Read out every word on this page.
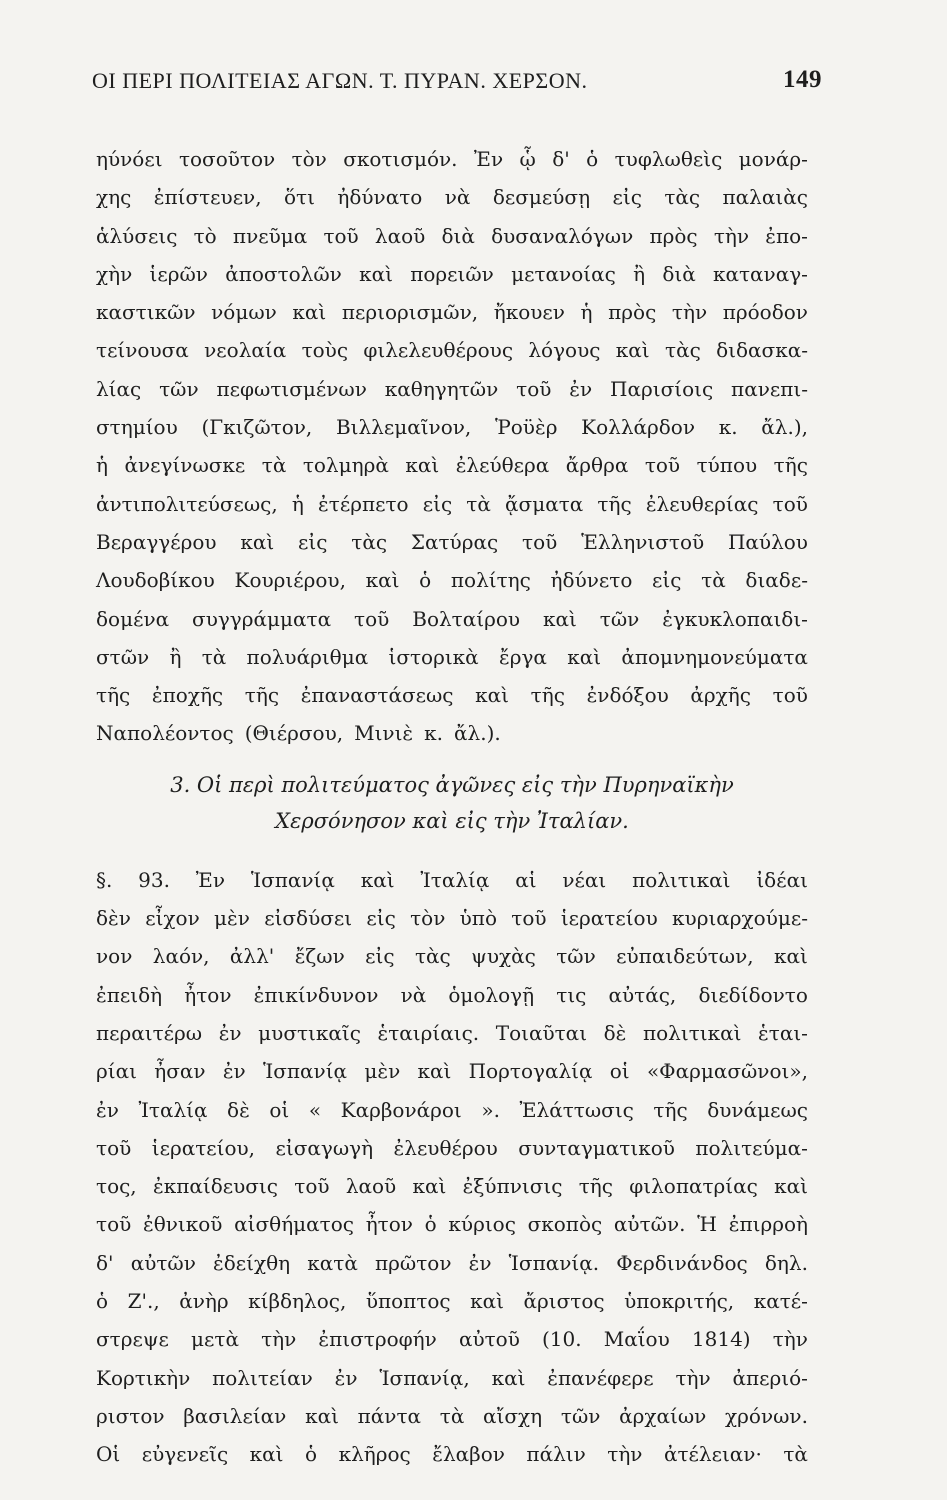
ΟΙ ΠΕΡΙ ΠΟΛΙΤΕΙΑΣ ΑΓΩΝ. Τ. ΠΥΡΑΝ. ΧΕΡΣΟΝ.	149
ηύνόει τοσοῦτον τὸν σκοτισμόν. Ἐν ᾧ δ' ὁ τυφλωθεὶς μονάρ-
χης ἐπίστευεν, ὅτι ἠδύνατο νὰ δεσμεύσῃ εἰς τὰς παλαιὰς
ἁλύσεις τὸ πνεῦμα τοῦ λαοῦ διὰ δυσαναλόγων πρὸς τὴν ἐπο-
χὴν ἱερῶν ἀποστολῶν καὶ πορειῶν μετανοίας ἢ διὰ καταναγ-
καστικῶν νόμων καὶ περιορισμῶν, ἤκουεν ἡ πρὸς τὴν πρόοδον
τείνουσα νεολαία τοὺς φιλελευθέρους λόγους καὶ τὰς διδασκα-
λίας τῶν πεφωτισμένων καθηγητῶν τοῦ ἐν Παρισίοις πανεπι-
στημίου (Γκιζῶτον, Βιλλεμαῖνον, Ῥοϋὲρ Κολλάρδον κ. ἄλ.),
ἡ ἀνεγίνωσκε τὰ τολμηρὰ καὶ ἐλεύθερα ἄρθρα τοῦ τύπου τῆς
ἀντιπολιτεύσεως, ἡ ἐτέρπετο εἰς τὰ ᾄσματα τῆς ἐλευθερίας τοῦ
Βεραγγέρου καὶ εἰς τὰς Σατύρας τοῦ Ἑλληνιστοῦ Παύλου
Λουδοβίκου Κουριέρου, καὶ ὁ πολίτης ἠδύνετο εἰς τὰ διαδε-
δομένα συγγράμματα τοῦ Βολταίρου καὶ τῶν ἐγκυκλοπαιδι-
στῶν ἢ τὰ πολυάριθμα ἱστορικὰ ἔργα καὶ ἀπομνημονεύματα
τῆς ἐποχῆς τῆς ἐπαναστάσεως καὶ τῆς ἐνδόξου ἀρχῆς τοῦ
Ναπολέοντος (Θιέρσου, Μινιὲ κ. ἄλ.).
3. Οἱ περὶ πολιτεύματος ἀγῶνες εἰς τὴν Πυρηναϊκὴν
Χερσόνησον καὶ εἰς τὴν Ἰταλίαν.
§. 93. Ἐν Ἱσπανίᾳ καὶ Ἰταλίᾳ αἱ νέαι πολιτικαὶ ἰδέαι
δὲν εἶχον μὲν εἰσδύσει εἰς τὸν ὑπὸ τοῦ ἱερατείου κυριαρχούμε-
νον λαόν, ἀλλ' ἔζων εἰς τὰς ψυχὰς τῶν εὐπαιδεύτων, καὶ
ἐπειδὴ ἦτον ἐπικίνδυνον νὰ ὁμολογῇ τις αὐτάς, διεδίδοντο
περαιτέρω ἐν μυστικαῖς ἑταιρίαις. Τοιαῦται δὲ πολιτικαὶ ἑται-
ρίαι ἦσαν ἐν Ἱσπανίᾳ μὲν καὶ Πορτογαλίᾳ οἱ «Φαρμασῶνοι»,
ἐν Ἰταλίᾳ δὲ οἱ « Καρβονάροι ». Ἐλάττωσις τῆς δυνάμεως
τοῦ ἱερατείου, εἰσαγωγὴ ἐλευθέρου συνταγματικοῦ πολιτεύμα-
τος, ἐκπαίδευσις τοῦ λαοῦ καὶ ἐξύπνισις τῆς φιλοπατρίας καὶ
τοῦ ἐθνικοῦ αἰσθήματος ἦτον ὁ κύριος σκοπὸς αὐτῶν. Ἡ ἐπιρροὴ
δ' αὐτῶν ἐδείχθη κατὰ πρῶτον ἐν Ἱσπανίᾳ. Φερδινάνδος δηλ.
ὁ Ζ'., ἀνὴρ κίβδηλος, ὕποπτος καὶ ἄριστος ὑποκριτής, κατέ-
στρεψε μετὰ τὴν ἐπιστροφήν αὐτοῦ (10. Μαΐου 1814) τὴν
Κορτικὴν πολιτείαν ἐν Ἱσπανίᾳ, καὶ ἐπανέφερε τὴν ἀπεριό-
ριστον βασιλείαν καὶ πάντα τὰ αἴσχη τῶν ἀρχαίων χρόνων.
Οἱ εὐγενεῖς καὶ ὁ κλῆρος ἔλαβον πάλιν τὴν ἀτέλειαν· τὰ
